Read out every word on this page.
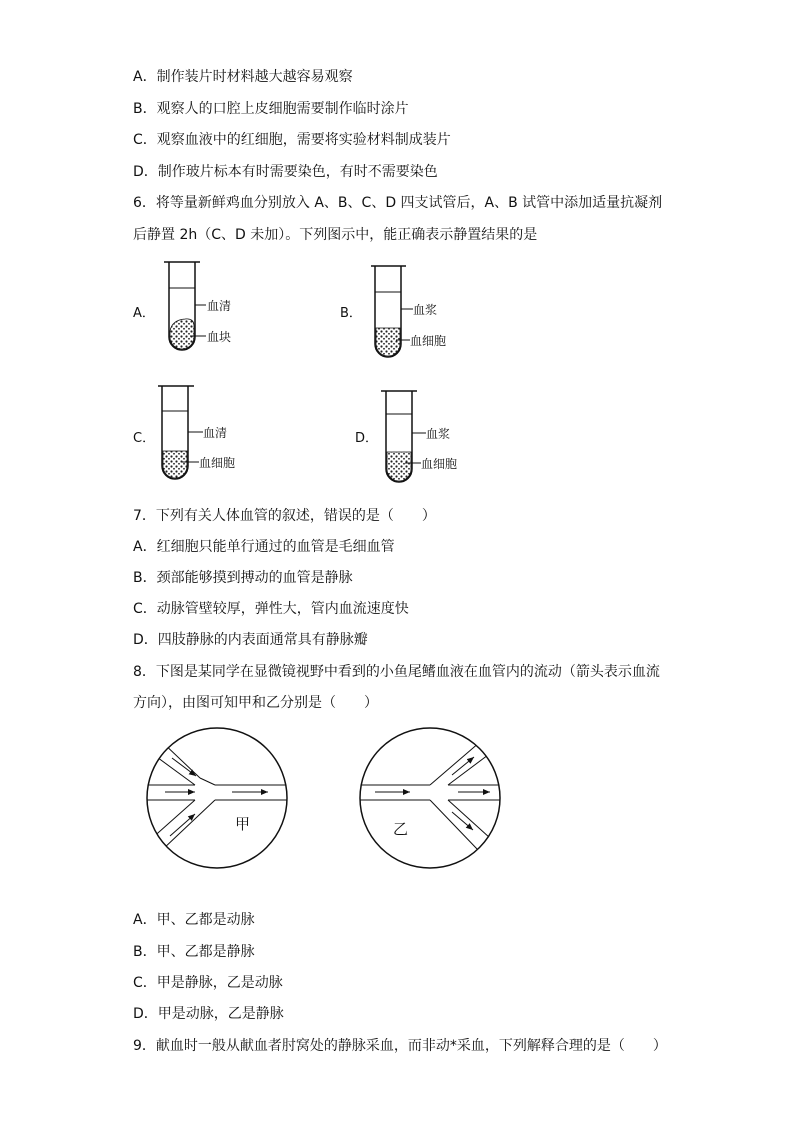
A．制作装片时材料越大越容易观察
B．观察人的口腔上皮细胞需要制作临时涂片
C．观察血液中的红细胞，需要将实验材料制成装片
D．制作玻片标本有时需要染色，有时不需要染色
6．将等量新鲜鸡血分别放入 A、B、C、D 四支试管后，A、B 试管中添加适量抗凝剂
后静置 2h（C、D 未加）。下列图示中，能正确表示静置结果的是
A．	B．
C．	D．
血清
血块
血浆
血细胞
血清
血细胞
血浆
血细胞
甲	乙
7．下列有关人体血管的叙述，错误的是（　　）
A．红细胞只能单行通过的血管是毛细血管
B．颈部能够摸到搏动的血管是静脉
C．动脉管壁较厚，弹性大，管内血流速度快
D．四肢静脉的内表面通常具有静脉瓣
8．下图是某同学在显微镜视野中看到的小鱼尾鳍血液在血管内的流动（箭头表示血流
方向），由图可知甲和乙分别是（　　）
A．甲、乙都是动脉
B．甲、乙都是静脉
C．甲是静脉，乙是动脉
D．甲是动脉，乙是静脉
9．献血时一般从献血者肘窝处的静脉采血，而非动*采血，下列解释合理的是（　　）
